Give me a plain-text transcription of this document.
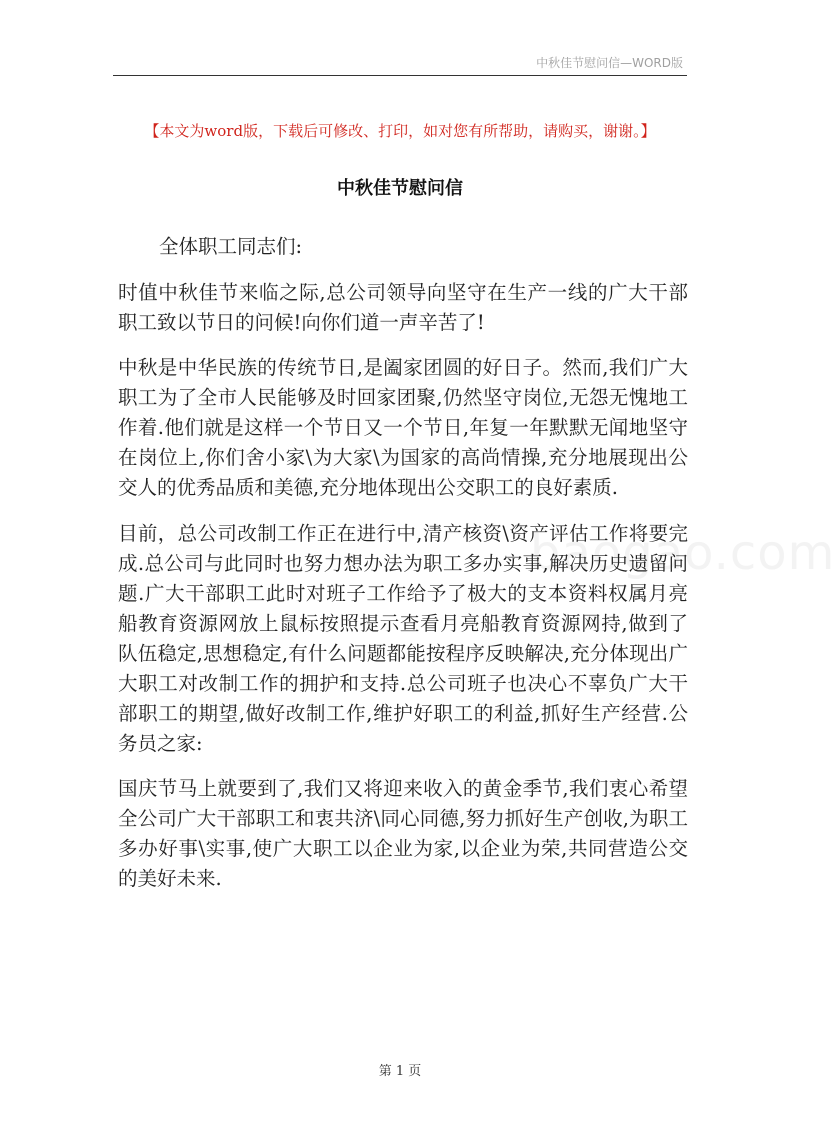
中秋佳节慰问信—WORD版
【本文为word版，下载后可修改、打印，如对您有所帮助，请购买，谢谢。】
中秋佳节慰问信
baogao.com

全体职工同志们:

时值中秋佳节来临之际,总公司领导向坚守在生产一线的广大干部职工致以节日的问候!向你们道一声辛苦了!

中秋是中华民族的传统节日,是阖家团圆的好日子。然而,我们广大职工为了全市人民能够及时回家团聚,仍然坚守岗位,无怨无愧地工作着.他们就是这样一个节日又一个节日,年复一年默默无闻地坚守在岗位上,你们舍小家\为大家\为国家的高尚情操,充分地展现出公交人的优秀品质和美德,充分地体现出公交职工的良好素质.

目前，总公司改制工作正在进行中,清产核资\资产评估工作将要完成.总公司与此同时也努力想办法为职工多办实事,解决历史遗留问题.广大干部职工此时对班子工作给予了极大的支本资料权属月亮船教育资源网放上鼠标按照提示查看月亮船教育资源网持,做到了队伍稳定,思想稳定,有什么问题都能按程序反映解决,充分体现出广大职工对改制工作的拥护和支持.总公司班子也决心不辜负广大干部职工的期望,做好改制工作,维护好职工的利益,抓好生产经营.公务员之家:

国庆节马上就要到了,我们又将迎来收入的黄金季节,我们衷心希望全公司广大干部职工和衷共济\同心同德,努力抓好生产创收,为职工多办好事\实事,使广大职工以企业为家,以企业为荣,共同营造公交的美好未来.

第 1 页
